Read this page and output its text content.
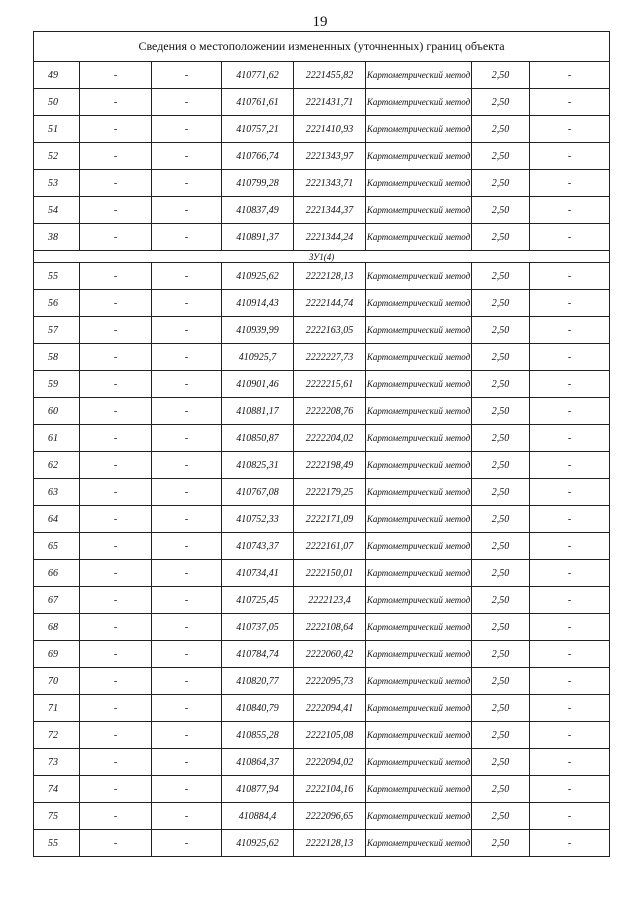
19
Сведения о местоположении измененных (уточненных) границ объекта							
49	-	-	410771,62	2221455,82	Картометрический метод	2,50	-
50	-	-	410761,61	2221431,71	Картометрический метод	2,50	-
51	-	-	410757,21	2221410,93	Картометрический метод	2,50	-
52	-	-	410766,74	2221343,97	Картометрический метод	2,50	-
53	-	-	410799,28	2221343,71	Картометрический метод	2,50	-
54	-	-	410837,49	2221344,37	Картометрический метод	2,50	-
38	-	-	410891,37	2221344,24	Картометрический метод	2,50	-
ЗУ1(4)							
55	-	-	410925,62	2222128,13	Картометрический метод	2,50	-
56	-	-	410914,43	2222144,74	Картометрический метод	2,50	-
57	-	-	410939,99	2222163,05	Картометрический метод	2,50	-
58	-	-	410925,7	2222227,73	Картометрический метод	2,50	-
59	-	-	410901,46	2222215,61	Картометрический метод	2,50	-
60	-	-	410881,17	2222208,76	Картометрический метод	2,50	-
61	-	-	410850,87	2222204,02	Картометрический метод	2,50	-
62	-	-	410825,31	2222198,49	Картометрический метод	2,50	-
63	-	-	410767,08	2222179,25	Картометрический метод	2,50	-
64	-	-	410752,33	2222171,09	Картометрический метод	2,50	-
65	-	-	410743,37	2222161,07	Картометрический метод	2,50	-
66	-	-	410734,41	2222150,01	Картометрический метод	2,50	-
67	-	-	410725,45	2222123,4	Картометрический метод	2,50	-
68	-	-	410737,05	2222108,64	Картометрический метод	2,50	-
69	-	-	410784,74	2222060,42	Картометрический метод	2,50	-
70	-	-	410820,77	2222095,73	Картометрический метод	2,50	-
71	-	-	410840,79	2222094,41	Картометрический метод	2,50	-
72	-	-	410855,28	2222105,08	Картометрический метод	2,50	-
73	-	-	410864,37	2222094,02	Картометрический метод	2,50	-
74	-	-	410877,94	2222104,16	Картометрический метод	2,50	-
75	-	-	410884,4	2222096,65	Картометрический метод	2,50	-
55	-	-	410925,62	2222128,13	Картометрический метод	2,50	-
